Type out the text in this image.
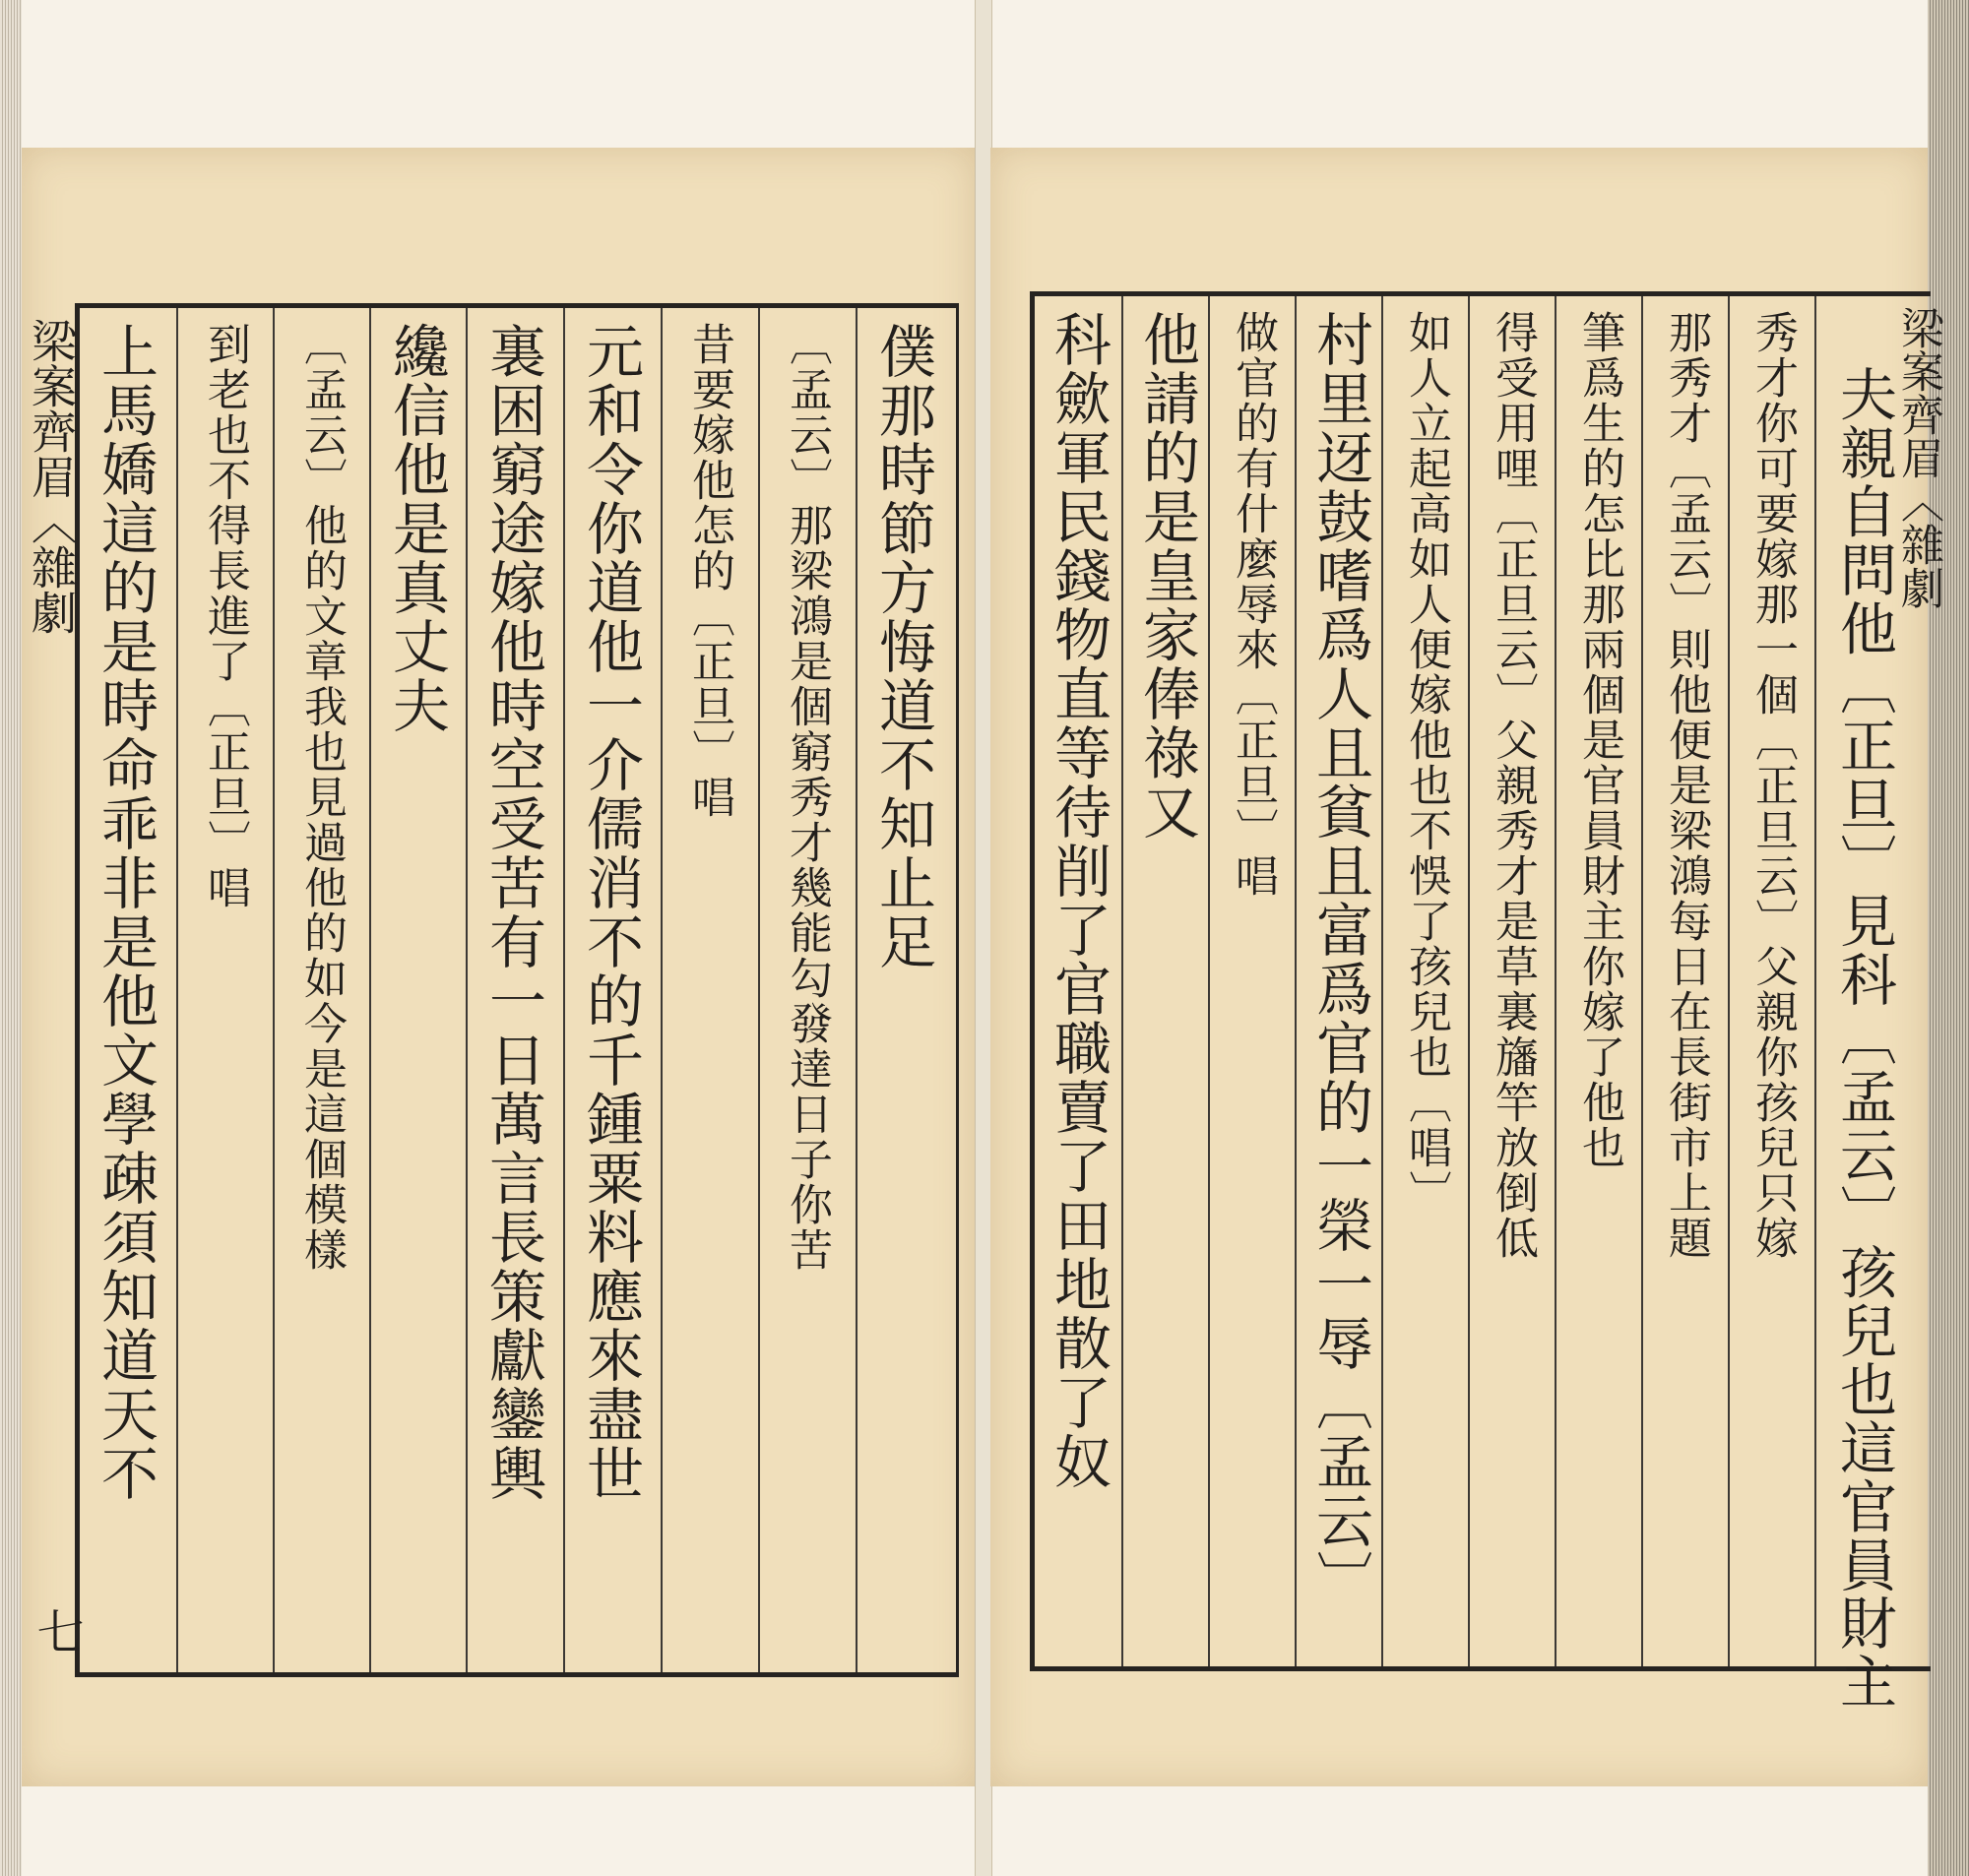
梁案齊眉〈雜劇
七
上馬嬌這的是時命乖非是他文學疎須知道天不 到老也不得長進了〔正旦〕唱 〔孟云〕他的文章我也見過他的如今是這個模樣 纔信他是真丈夫 裏困窮途嫁他時空受苦有一日萬言長策獻鑾輿 元和令你道他一介儒消不的千鍾粟料應來盡世 昔要嫁他怎的〔正旦〕唱 〔孟云〕那梁鴻是個窮秀才幾能勾發達日子你苦 僕那時節方悔道不知止足	梁案齊眉〈雜劇
科歛軍民錢物直等待削了官職賣了田地散了奴 他請的是皇家俸祿又 做官的有什麼辱來〔正旦〕唱 村里迓鼓嗜爲人且貧且富爲官的一榮一辱〔孟云〕 如人立起高如人便嫁他也不悞了孩兒也〔唱〕 得受用哩〔正旦云〕父親秀才是草裏旛竿放倒低 筆爲生的怎比那兩個是官員財主你嫁了他也 那秀才〔孟云〕則他便是梁鴻每日在長街市上題 秀才你可要嫁那一個〔正旦云〕父親你孩兒只嫁 夫親自問他〔正旦〕見科〔孟云〕孩兒也這官員財主
